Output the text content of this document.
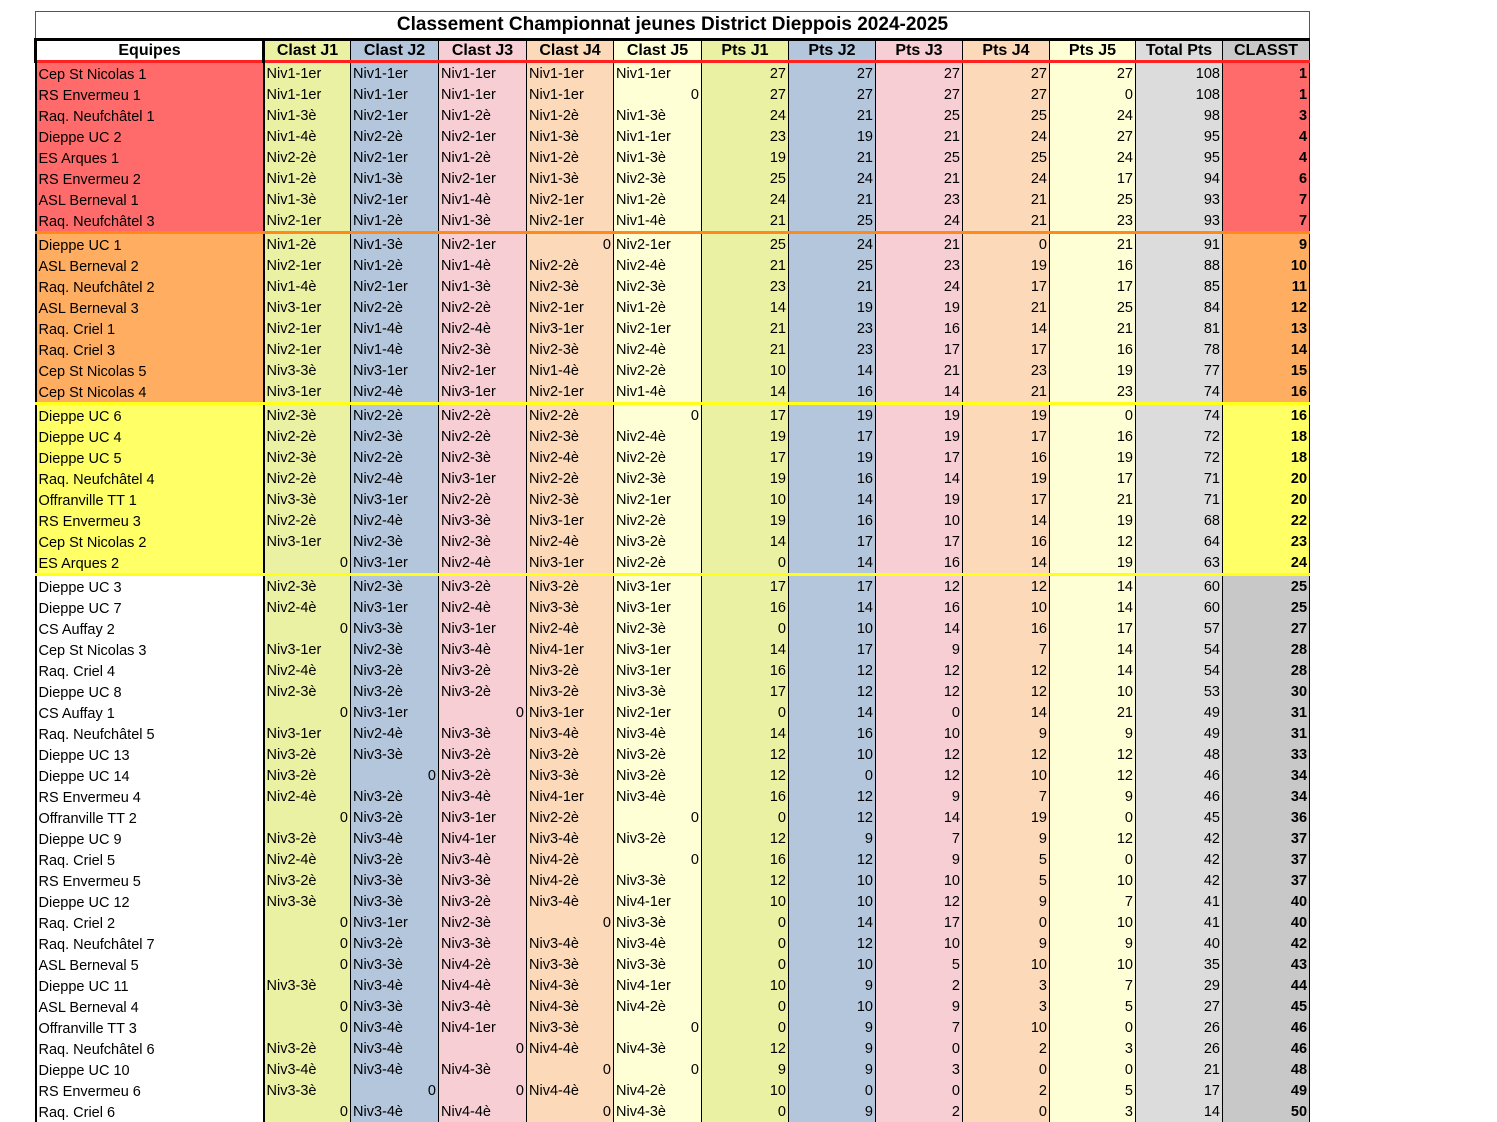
Classement Championnat jeunes District Dieppois 2024-2025												
Equipes	Clast J1	Clast J2	Clast J3	Clast J4	Clast J5	Pts J1	Pts J2	Pts J3	Pts J4	Pts J5	Total Pts	CLASST
Cep St Nicolas 1	Niv1-1er	Niv1-1er	Niv1-1er	Niv1-1er	Niv1-1er	27	27	27	27	27	108	1
RS Envermeu 1	Niv1-1er	Niv1-1er	Niv1-1er	Niv1-1er	0	27	27	27	27	0	108	1
Raq. Neufchâtel 1	Niv1-3è	Niv2-1er	Niv1-2è	Niv1-2è	Niv1-3è	24	21	25	25	24	98	3
Dieppe UC 2	Niv1-4è	Niv2-2è	Niv2-1er	Niv1-3è	Niv1-1er	23	19	21	24	27	95	4
ES Arques 1	Niv2-2è	Niv2-1er	Niv1-2è	Niv1-2è	Niv1-3è	19	21	25	25	24	95	4
RS Envermeu 2	Niv1-2è	Niv1-3è	Niv2-1er	Niv1-3è	Niv2-3è	25	24	21	24	17	94	6
ASL Berneval 1	Niv1-3è	Niv2-1er	Niv1-4è	Niv2-1er	Niv1-2è	24	21	23	21	25	93	7
Raq. Neufchâtel 3	Niv2-1er	Niv1-2è	Niv1-3è	Niv2-1er	Niv1-4è	21	25	24	21	23	93	7
Dieppe UC 1	Niv1-2è	Niv1-3è	Niv2-1er	0	Niv2-1er	25	24	21	0	21	91	9
ASL Berneval 2	Niv2-1er	Niv1-2è	Niv1-4è	Niv2-2è	Niv2-4è	21	25	23	19	16	88	10
Raq. Neufchâtel 2	Niv1-4è	Niv2-1er	Niv1-3è	Niv2-3è	Niv2-3è	23	21	24	17	17	85	11
ASL Berneval 3	Niv3-1er	Niv2-2è	Niv2-2è	Niv2-1er	Niv1-2è	14	19	19	21	25	84	12
Raq. Criel 1	Niv2-1er	Niv1-4è	Niv2-4è	Niv3-1er	Niv2-1er	21	23	16	14	21	81	13
Raq. Criel 3	Niv2-1er	Niv1-4è	Niv2-3è	Niv2-3è	Niv2-4è	21	23	17	17	16	78	14
Cep St Nicolas 5	Niv3-3è	Niv3-1er	Niv2-1er	Niv1-4è	Niv2-2è	10	14	21	23	19	77	15
Cep St Nicolas 4	Niv3-1er	Niv2-4è	Niv3-1er	Niv2-1er	Niv1-4è	14	16	14	21	23	74	16
Dieppe UC 6	Niv2-3è	Niv2-2è	Niv2-2è	Niv2-2è	0	17	19	19	19	0	74	16
Dieppe UC 4	Niv2-2è	Niv2-3è	Niv2-2è	Niv2-3è	Niv2-4è	19	17	19	17	16	72	18
Dieppe UC 5	Niv2-3è	Niv2-2è	Niv2-3è	Niv2-4è	Niv2-2è	17	19	17	16	19	72	18
Raq. Neufchâtel 4	Niv2-2è	Niv2-4è	Niv3-1er	Niv2-2è	Niv2-3è	19	16	14	19	17	71	20
Offranville TT 1	Niv3-3è	Niv3-1er	Niv2-2è	Niv2-3è	Niv2-1er	10	14	19	17	21	71	20
RS Envermeu 3	Niv2-2è	Niv2-4è	Niv3-3è	Niv3-1er	Niv2-2è	19	16	10	14	19	68	22
Cep St Nicolas 2	Niv3-1er	Niv2-3è	Niv2-3è	Niv2-4è	Niv3-2è	14	17	17	16	12	64	23
ES Arques 2	0	Niv3-1er	Niv2-4è	Niv3-1er	Niv2-2è	0	14	16	14	19	63	24
Dieppe UC 3	Niv2-3è	Niv2-3è	Niv3-2è	Niv3-2è	Niv3-1er	17	17	12	12	14	60	25
Dieppe UC 7	Niv2-4è	Niv3-1er	Niv2-4è	Niv3-3è	Niv3-1er	16	14	16	10	14	60	25
CS Auffay 2	0	Niv3-3è	Niv3-1er	Niv2-4è	Niv2-3è	0	10	14	16	17	57	27
Cep St Nicolas 3	Niv3-1er	Niv2-3è	Niv3-4è	Niv4-1er	Niv3-1er	14	17	9	7	14	54	28
Raq. Criel 4	Niv2-4è	Niv3-2è	Niv3-2è	Niv3-2è	Niv3-1er	16	12	12	12	14	54	28
Dieppe UC 8	Niv2-3è	Niv3-2è	Niv3-2è	Niv3-2è	Niv3-3è	17	12	12	12	10	53	30
CS Auffay 1	0	Niv3-1er	0	Niv3-1er	Niv2-1er	0	14	0	14	21	49	31
Raq. Neufchâtel 5	Niv3-1er	Niv2-4è	Niv3-3è	Niv3-4è	Niv3-4è	14	16	10	9	9	49	31
Dieppe UC 13	Niv3-2è	Niv3-3è	Niv3-2è	Niv3-2è	Niv3-2è	12	10	12	12	12	48	33
Dieppe UC 14	Niv3-2è	0	Niv3-2è	Niv3-3è	Niv3-2è	12	0	12	10	12	46	34
RS Envermeu 4	Niv2-4è	Niv3-2è	Niv3-4è	Niv4-1er	Niv3-4è	16	12	9	7	9	46	34
Offranville TT 2	0	Niv3-2è	Niv3-1er	Niv2-2è	0	0	12	14	19	0	45	36
Dieppe UC 9	Niv3-2è	Niv3-4è	Niv4-1er	Niv3-4è	Niv3-2è	12	9	7	9	12	42	37
Raq. Criel 5	Niv2-4è	Niv3-2è	Niv3-4è	Niv4-2è	0	16	12	9	5	0	42	37
RS Envermeu 5	Niv3-2è	Niv3-3è	Niv3-3è	Niv4-2è	Niv3-3è	12	10	10	5	10	42	37
Dieppe UC 12	Niv3-3è	Niv3-3è	Niv3-2è	Niv3-4è	Niv4-1er	10	10	12	9	7	41	40
Raq. Criel 2	0	Niv3-1er	Niv2-3è	0	Niv3-3è	0	14	17	0	10	41	40
Raq. Neufchâtel 7	0	Niv3-2è	Niv3-3è	Niv3-4è	Niv3-4è	0	12	10	9	9	40	42
ASL Berneval 5	0	Niv3-3è	Niv4-2è	Niv3-3è	Niv3-3è	0	10	5	10	10	35	43
Dieppe UC 11	Niv3-3è	Niv3-4è	Niv4-4è	Niv4-3è	Niv4-1er	10	9	2	3	7	29	44
ASL Berneval 4	0	Niv3-3è	Niv3-4è	Niv4-3è	Niv4-2è	0	10	9	3	5	27	45
Offranville TT 3	0	Niv3-4è	Niv4-1er	Niv3-3è	0	0	9	7	10	0	26	46
Raq. Neufchâtel 6	Niv3-2è	Niv3-4è	0	Niv4-4è	Niv4-3è	12	9	0	2	3	26	46
Dieppe UC 10	Niv3-4è	Niv3-4è	Niv4-3è	0	0	9	9	3	0	0	21	48
RS Envermeu 6	Niv3-3è	0	0	Niv4-4è	Niv4-2è	10	0	0	2	5	17	49
Raq. Criel 6	0	Niv3-4è	Niv4-4è	0	Niv4-3è	0	9	2	0	3	14	50
